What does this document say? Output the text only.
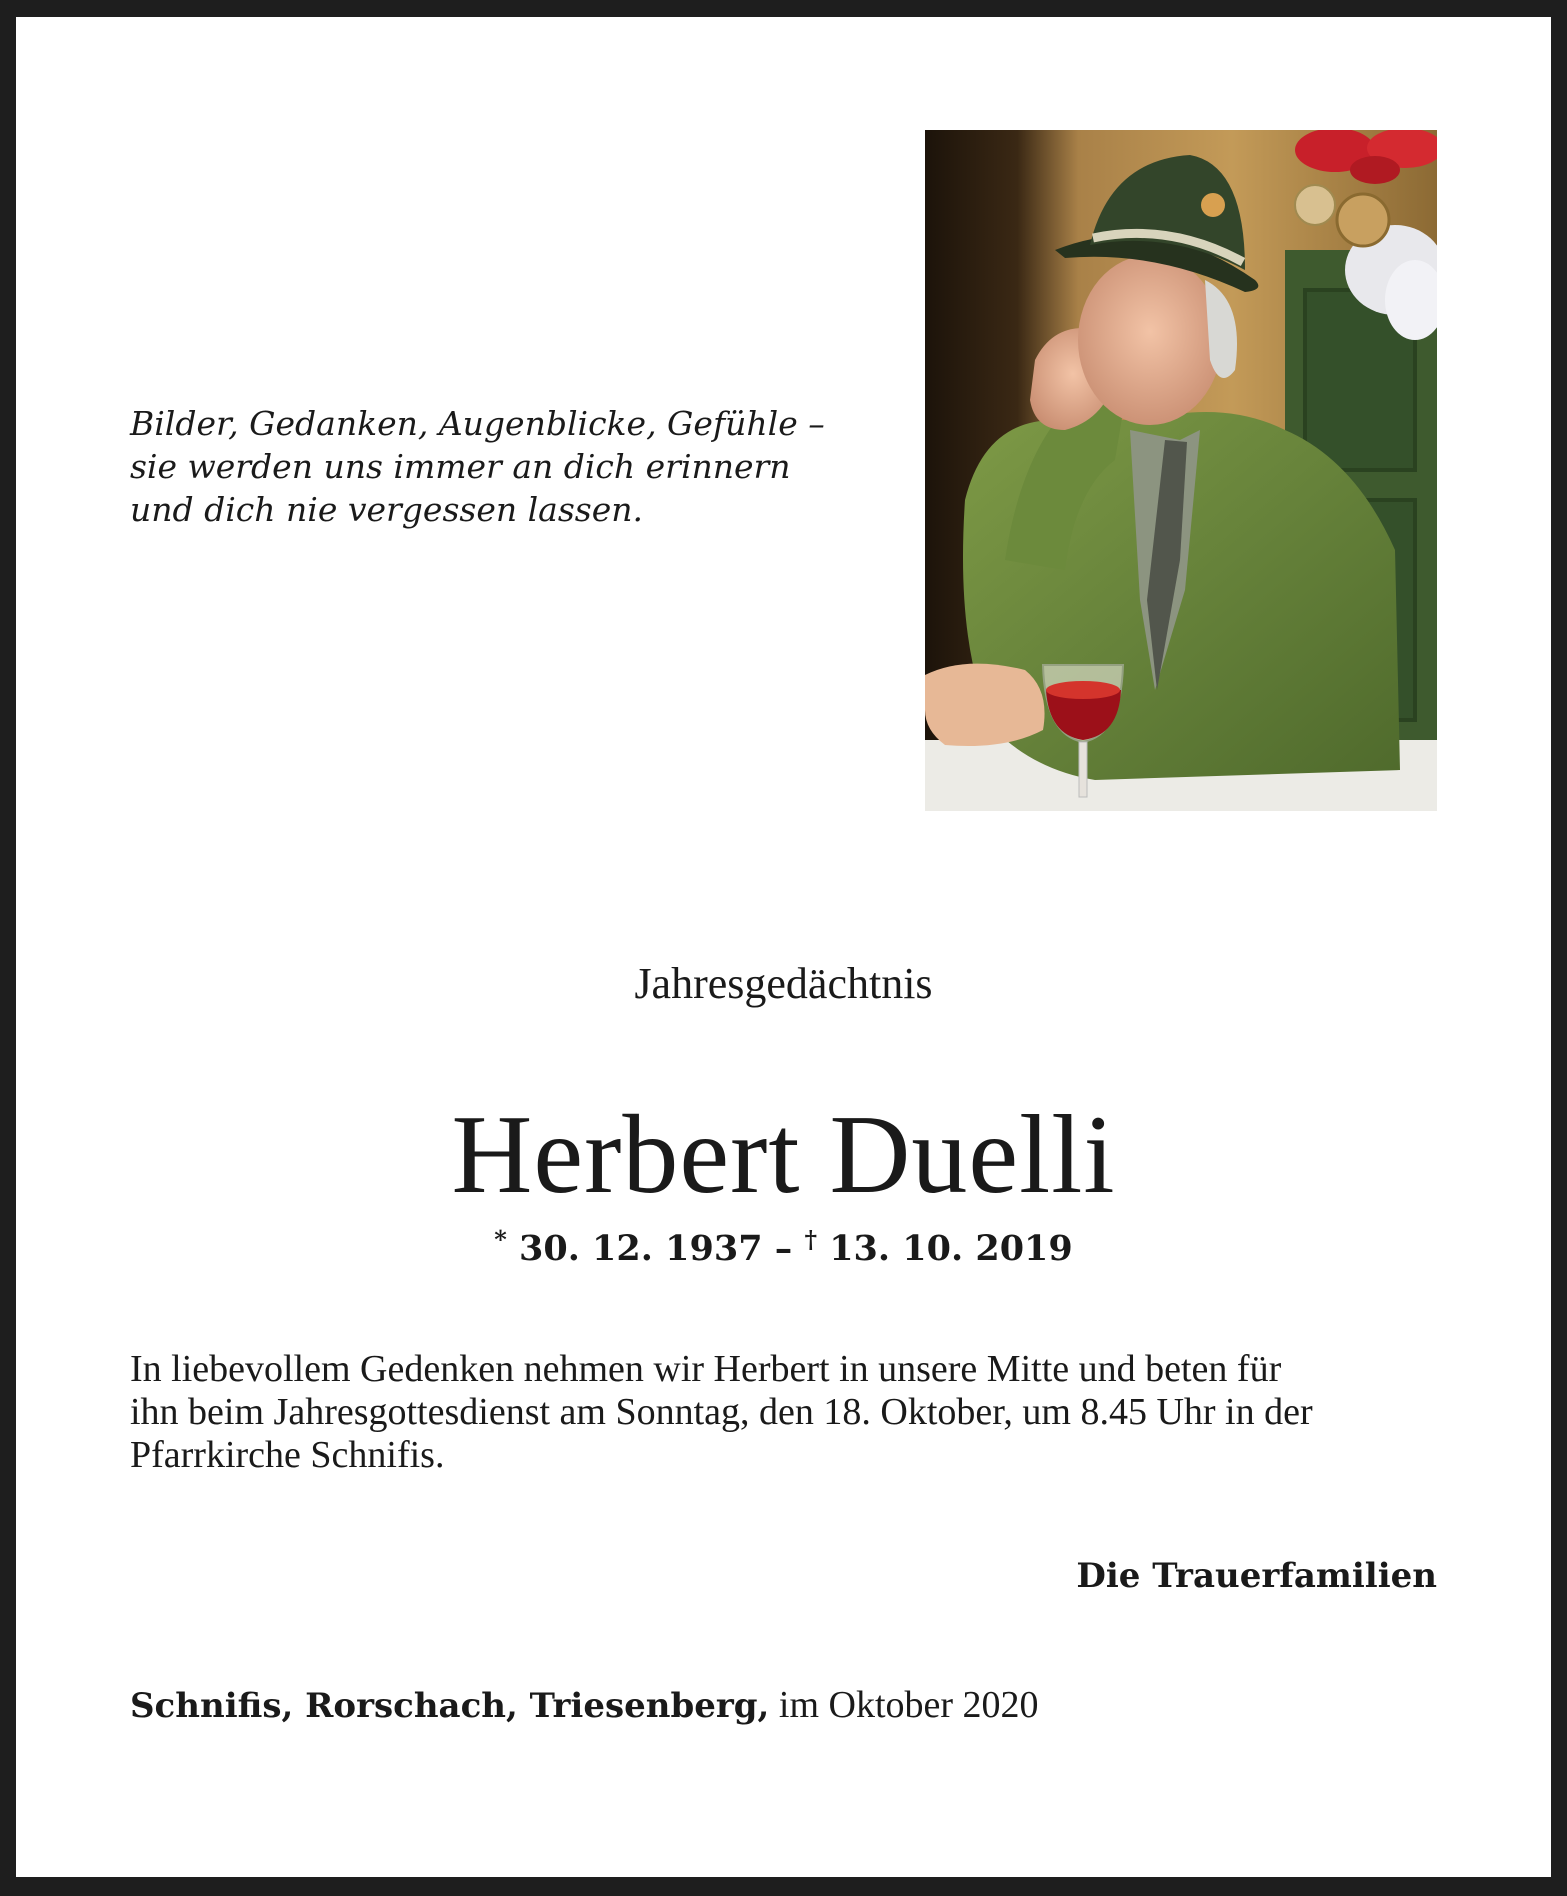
Bilder, Gedanken, Augenblicke, Gefühle –
sie werden uns immer an dich erinnern
und dich nie vergessen lassen.
Jahresgedächtnis
Herbert Duelli
* 30. 12. 1937 – † 13. 10. 2019
In liebevollem Gedenken nehmen wir Herbert in unsere Mitte und beten für
ihn beim Jahresgottesdienst am Sonntag, den 18. Oktober, um 8.45 Uhr in der
Pfarrkirche Schnifis.
Die Trauerfamilien
Schnifis, Rorschach, Triesenberg, im Oktober 2020
